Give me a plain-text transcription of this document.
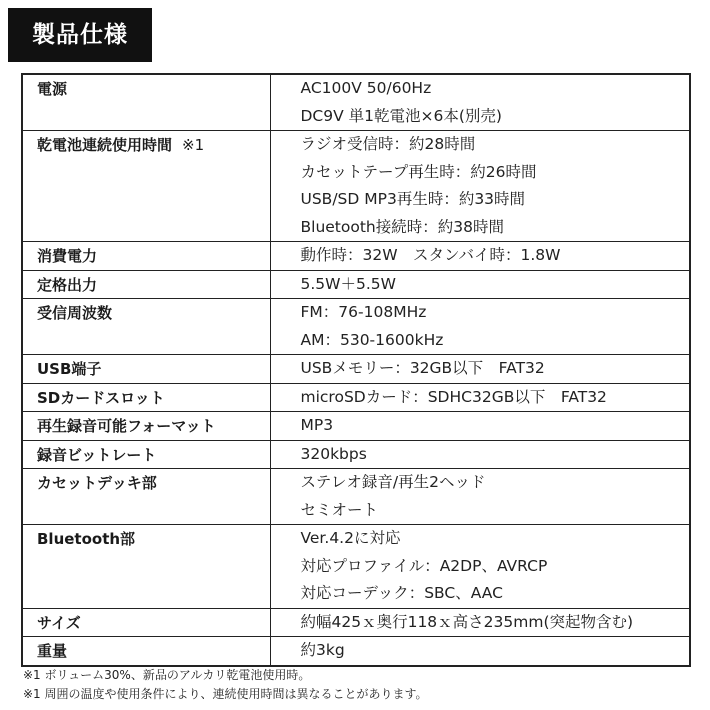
製品仕様
電源	AC100V 50/60Hz
DC9V 単1乾電池×6本(別売)

乾電池連続使用時間 ※1	ラジオ受信時：約28時間
カセットテープ再生時：約26時間
USB/SD MP3再生時：約33時間
Bluetooth接続時：約38時間

消費電力	動作時：32W　スタンバイ時：1.8W

定格出力	5.5W＋5.5W

受信周波数	FM：76-108MHz
AM：530-1600kHz

USB端子	USBメモリー：32GB以下　FAT32

SDカードスロット	microSDカード：SDHC32GB以下　FAT32

再生録音可能フォーマット	MP3

録音ビットレート	320kbps

カセットデッキ部	ステレオ録音/再生2ヘッド
セミオート

Bluetooth部	Ver.4.2に対応
対応プロファイル：A2DP、AVRCP
対応コーデック：SBC、AAC

サイズ	約幅425ｘ奥行118ｘ高さ235mm(突起物含む)

重量	約3kg
※1 ボリューム30%、新品のアルカリ乾電池使用時。
※1 周囲の温度や使用条件により、連続使用時間は異なることがあります。
